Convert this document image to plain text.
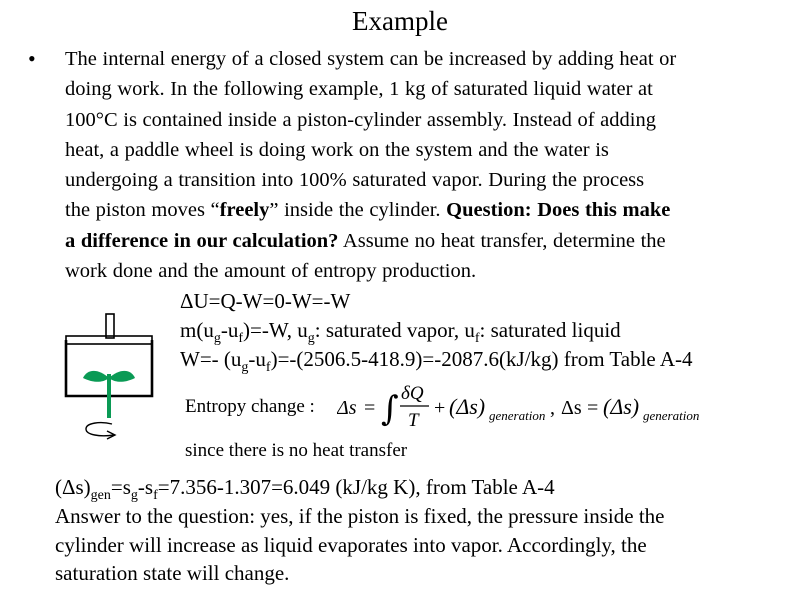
Example
• The internal energy of a closed system can be increased by adding heat or
doing work. In the following example, 1 kg of saturated liquid water at
100°C is contained inside a piston-cylinder assembly. Instead of adding
heat, a paddle wheel is doing work on the system and the water is
undergoing a transition into 100% saturated vapor. During the process
the piston moves “freely” inside the cylinder. Question: Does this make
a difference in our calculation? Assume no heat transfer, determine the
work done and the amount of entropy production.
ΔU=Q-W=0-W=-W
$m(u_g-u_f)=-W$, $u_g$: saturated vapor, $u_f$: saturated liquid
W=- $(u_g-u_f)=-(2506.5-418.9)=-2087.6(kJ/kg)$ from Table A-4
Entropy change : Δs = ∫ δQ
T
+ (Δs) generation , Δs = (Δs) generation
since there is no heat transfer
$(\Delta s)_{gen}=s_g-s_f=7.356-1.307=6.049$ (kJ/kg K), from Table A-4
Answer to the question: yes, if the piston is fixed, the pressure inside the
cylinder will increase as liquid evaporates into vapor. Accordingly, the
saturation state will change.
